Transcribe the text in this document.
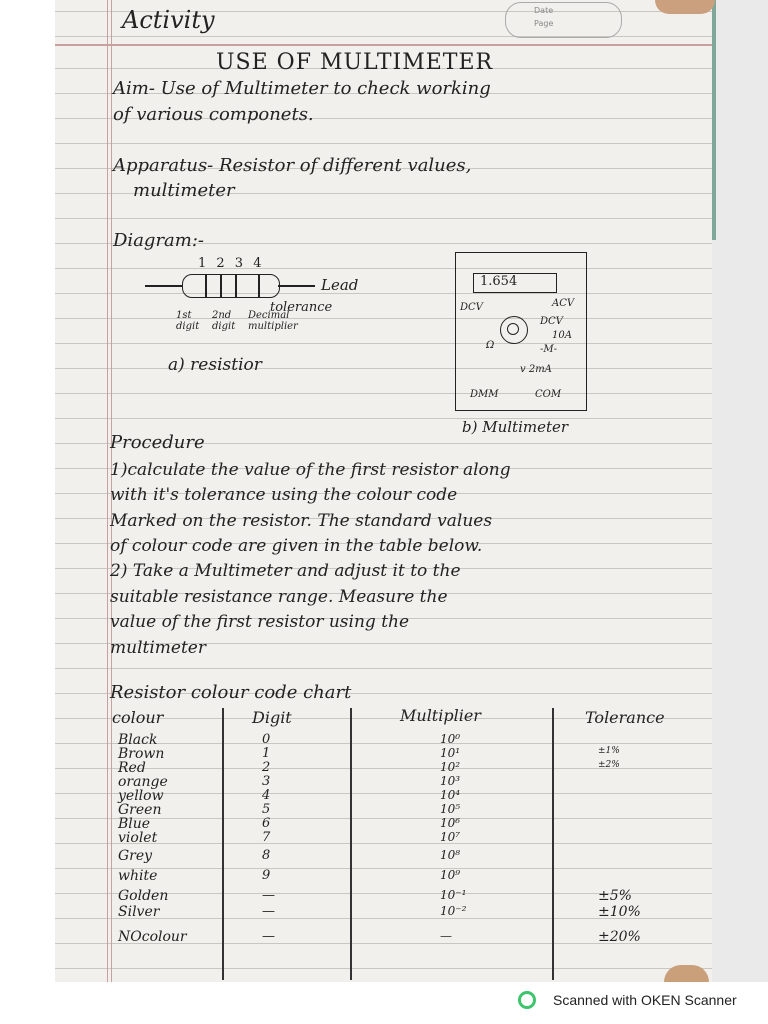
Date
Page
Activity
USE OF MULTIMETER
Aim- Use of Multimeter to check working
of various componets.
Apparatus- Resistor of different values,
multimeter
Diagram:-
1 2 3 4
Lead
tolerance
1st digit
2nd digit
Decimal multiplier
a) resistior
1.654
DCV	ACV
DCV
10A
Ω	-M-
v 2mA
DMM	COM
b) Multimeter
Procedure
1)calculate the value of the first resistor along
with it's tolerance using the colour code
Marked on the resistor. The standard values
of colour code are given in the table below.
2) Take a Multimeter and adjust it to the
suitable resistance range. Measure the
value of the first resistor using the
multimeter
Resistor colour code chart
colour	Digit	Multiplier	Tolerance
Black	0	10⁰
Brown	1	10¹	±1%
Red	2	10²	±2%
orange	3	10³
yellow	4	10⁴
Green	5	10⁵
Blue	6	10⁶
violet	7	10⁷
Grey	8	10⁸
white	9	10⁹
Golden	—	10⁻¹	±5%
Silver	—	10⁻²	±10%
NOcolour	—	—	±20%
Scanned with OKEN Scanner
